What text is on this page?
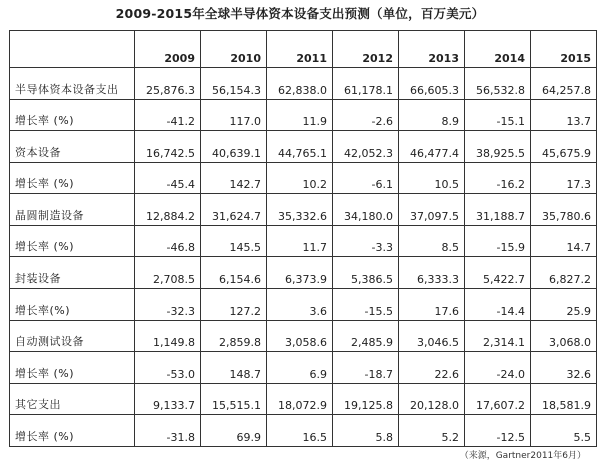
2009-2015年全球半导体资本设备支出预测（单位，百万美元）
	2009	2010	2011	2012	2013	2014	2015
半导体资本设备支出	25,876.3	56,154.3	62,838.0	61,178.1	66,605.3	56,532.8	64,257.8
增长率 (%)	-41.2	117.0	11.9	-2.6	8.9	-15.1	13.7
资本设备	16,742.5	40,639.1	44,765.1	42,052.3	46,477.4	38,925.5	45,675.9
增长率 (%)	-45.4	142.7	10.2	-6.1	10.5	-16.2	17.3
晶圆制造设备	12,884.2	31,624.7	35,332.6	34,180.0	37,097.5	31,188.7	35,780.6
增长率 (%)	-46.8	145.5	11.7	-3.3	8.5	-15.9	14.7
封装设备	2,708.5	6,154.6	6,373.9	5,386.5	6,333.3	5,422.7	6,827.2
增长率(%)	-32.3	127.2	3.6	-15.5	17.6	-14.4	25.9
自动测试设备	1,149.8	2,859.8	3,058.6	2,485.9	3,046.5	2,314.1	3,068.0
增长率 (%)	-53.0	148.7	6.9	-18.7	22.6	-24.0	32.6
其它支出	9,133.7	15,515.1	18,072.9	19,125.8	20,128.0	17,607.2	18,581.9
增长率 (%)	-31.8	69.9	16.5	5.8	5.2	-12.5	5.5
（来源，Gartner2011年6月）
